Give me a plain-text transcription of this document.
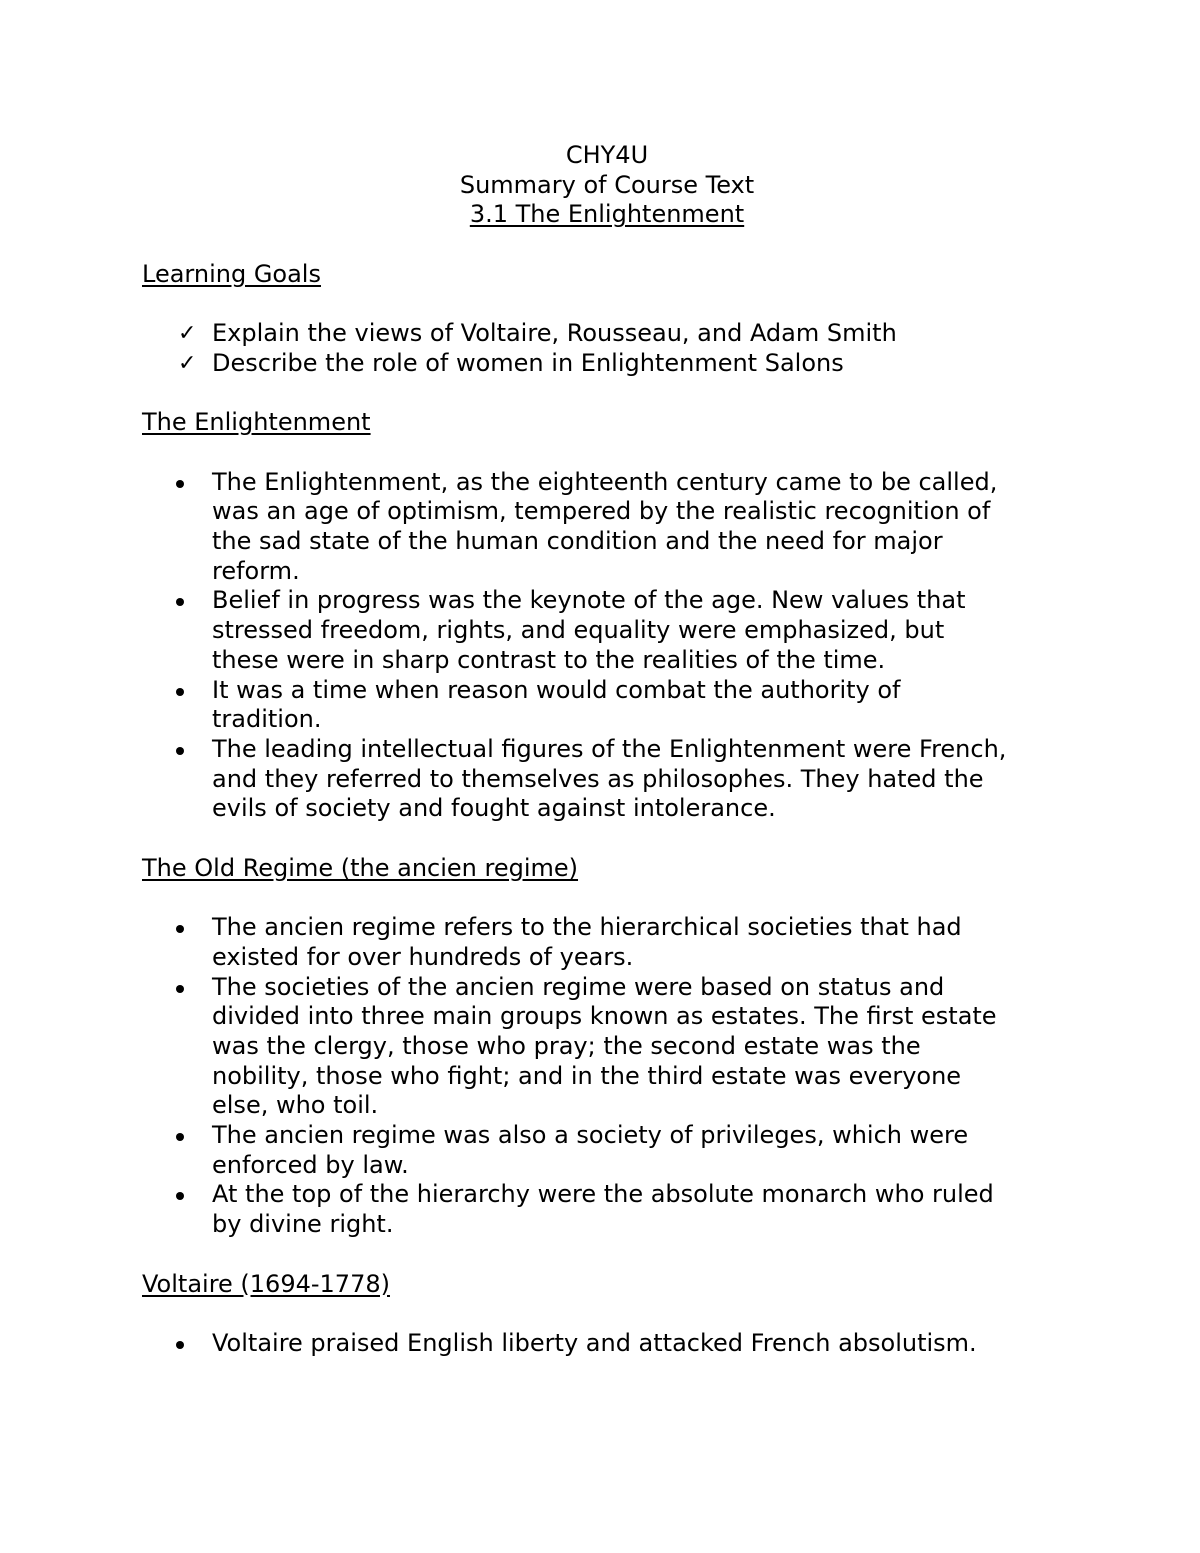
CHY4U
Summary of Course Text
3.1 The Enlightenment
Learning Goals
✓ Explain the views of Voltaire, Rousseau, and Adam Smith
✓ Describe the role of women in Enlightenment Salons
The Enlightenment
The Enlightenment, as the eighteenth century came to be called,
was an age of optimism, tempered by the realistic recognition of
the sad state of the human condition and the need for major
reform.
Belief in progress was the keynote of the age. New values that
stressed freedom, rights, and equality were emphasized, but
these were in sharp contrast to the realities of the time.
It was a time when reason would combat the authority of
tradition.
The leading intellectual figures of the Enlightenment were French,
and they referred to themselves as philosophes. They hated the
evils of society and fought against intolerance.
The Old Regime (the ancien regime)
The ancien regime refers to the hierarchical societies that had
existed for over hundreds of years.
The societies of the ancien regime were based on status and
divided into three main groups known as estates. The first estate
was the clergy, those who pray; the second estate was the
nobility, those who fight; and in the third estate was everyone
else, who toil.
The ancien regime was also a society of privileges, which were
enforced by law.
At the top of the hierarchy were the absolute monarch who ruled
by divine right.
Voltaire (1694-1778)
Voltaire praised English liberty and attacked French absolutism.
